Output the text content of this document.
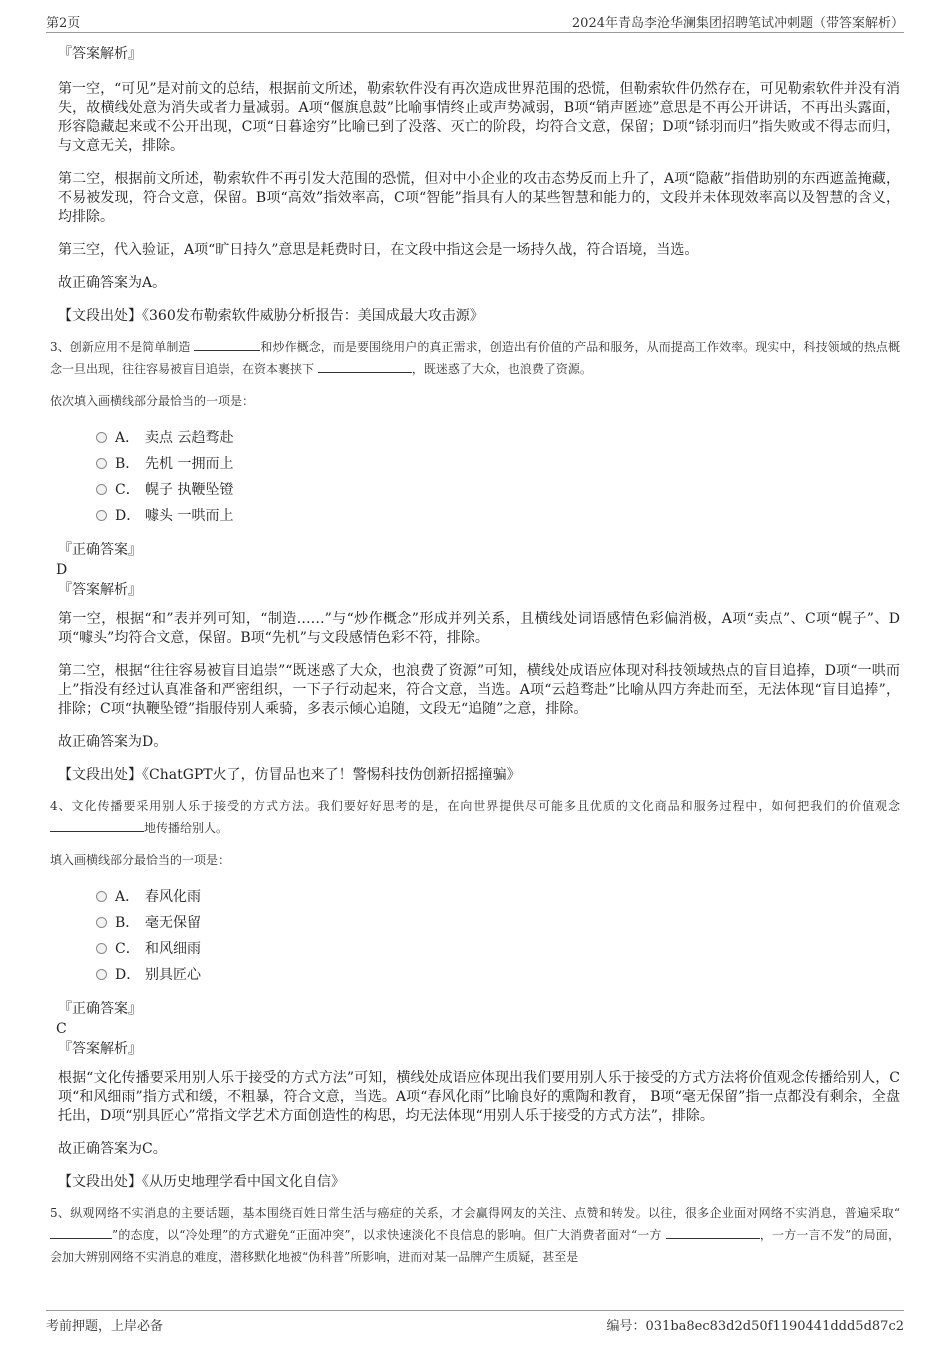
第2页	2024年青岛李沧华澜集团招聘笔试冲刺题（带答案解析）
『答案解析』

第一空，“可见”是对前文的总结，根据前文所述，勒索软件没有再次造成世界范围的恐慌，但勒索软件仍然存在，可见勒索软件并没有消失，故横线处意为消失或者力量减弱。A项“偃旗息鼓”比喻事情终止或声势减弱，B项“销声匿迹”意思是不再公开讲话，不再出头露面，形容隐藏起来或不公开出现，C项“日暮途穷”比喻已到了没落、灭亡的阶段，均符合文意，保留；D项“铩羽而归”指失败或不得志而归，与文意无关，排除。

第二空，根据前文所述，勒索软件不再引发大范围的恐慌，但对中小企业的攻击态势反而上升了，A项“隐蔽”指借助别的东西遮盖掩藏，不易被发现，符合文意，保留。B项“高效”指效率高，C项“智能”指具有人的某些智慧和能力的，文段并未体现效率高以及智慧的含义，均排除。

第三空，代入验证，A项“旷日持久”意思是耗费时日，在文段中指这会是一场持久战，符合语境，当选。

故正确答案为A。

【文段出处】《360发布勒索软件威胁分析报告：美国成最大攻击源》

3、创新应用不是简单制造	和炒作概念，而是要围绕用户的真正需求，创造出有价值的产品和服务，从而提高工作效率。现实中，科技领域的热点概念一旦出现，往往容易被盲目追崇，在资本裹挟下	，既迷惑了大众，也浪费了资源。

依次填入画横线部分最恰当的一项是：

A． 卖点 云趋骛赴
B． 先机 一拥而上
C． 幌子 执鞭坠镫
D． 噱头 一哄而上
『正确答案』
D
『答案解析』

第一空，根据“和”表并列可知，“制造……”与“炒作概念”形成并列关系，且横线处词语感情色彩偏消极，A项“卖点”、C项“幌子”、D项“噱头”均符合文意，保留。B项“先机”与文段感情色彩不符，排除。

第二空，根据“往往容易被盲目追崇”“既迷惑了大众，也浪费了资源”可知，横线处成语应体现对科技领域热点的盲目追捧，D项“一哄而上”指没有经过认真准备和严密组织，一下子行动起来，符合文意，当选。A项“云趋骛赴”比喻从四方奔赴而至，无法体现“盲目追捧”，排除；C项“执鞭坠镫”指服侍别人乘骑，多表示倾心追随，文段无“追随”之意，排除。

故正确答案为D。

【文段出处】《ChatGPT火了，仿冒品也来了！警惕科技伪创新招摇撞骗》

4、文化传播要采用别人乐于接受的方式方法。我们要好好思考的是，在向世界提供尽可能多且优质的文化商品和服务过程中，如何把我们的价值观念 地传播给别人。

填入画横线部分最恰当的一项是：

A． 春风化雨
B． 毫无保留
C． 和风细雨
D． 别具匠心
『正确答案』
C
『答案解析』

根据“文化传播要采用别人乐于接受的方式方法”可知，横线处成语应体现出我们要用别人乐于接受的方式方法将价值观念传播给别人，C项“和风细雨”指方式和缓，不粗暴，符合文意，当选。A项“春风化雨”比喻良好的熏陶和教育， B项“毫无保留”指一点都没有剩余，全盘托出，D项“别具匠心”常指文学艺术方面创造性的构思，均无法体现“用别人乐于接受的方式方法”，排除。

故正确答案为C。

【文段出处】《从历史地理学看中国文化自信》

5、纵观网络不实消息的主要话题，基本围绕百姓日常生活与癌症的关系，才会赢得网友的关注、点赞和转发。以往，很多企业面对网络不实消息，普遍采取“ ”的态度，以“冷处理”的方式避免“正面冲突”，以求快速淡化不良信息的影响。但广大消费者面对“一方	，一方一言不发”的局面，会加大辨别网络不实消息的难度，潜移默化地被“伪科普”所影响，进而对某一品牌产生质疑，甚至是

考前押题，上岸必备	编号：031ba8ec83d2d50f1190441ddd5d87c2
